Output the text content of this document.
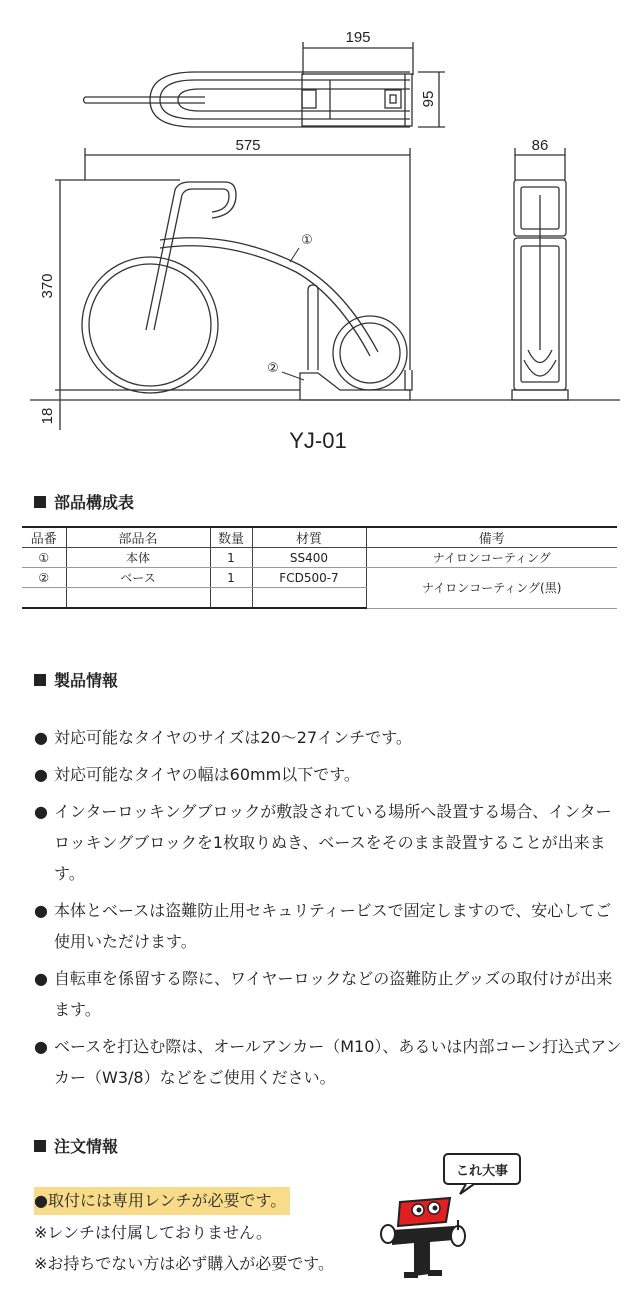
195
95
575
370
18
86
①
②
YJ-01
部品構成表
品番	部品名	数量	材質	備考
①	本体	1	SS400	ナイロンコーティング
②	ベース	1	FCD500-7	ナイロンコーティング(黒)

製品情報
● 対応可能なタイヤのサイズは20〜27インチです。
● 対応可能なタイヤの幅は60mm以下です。
● インターロッキングブロックが敷設されている場所へ設置する場合、インターロッキングブロックを1枚取りぬき、ベースをそのまま設置することが出来ます。
● 本体とベースは盗難防止用セキュリティービスで固定しますので、安心してご使用いただけます。
● 自転車を係留する際に、ワイヤーロックなどの盗難防止グッズの取付けが出来ます。
● ベースを打込む際は、オールアンカー（M10）、あるいは内部コーン打込式アンカー（W3/8）などをご使用ください。
注文情報
●取付には専用レンチが必要です。
※レンチは付属しておりません。
※お持ちでない方は必ず購入が必要です。
これ大事
